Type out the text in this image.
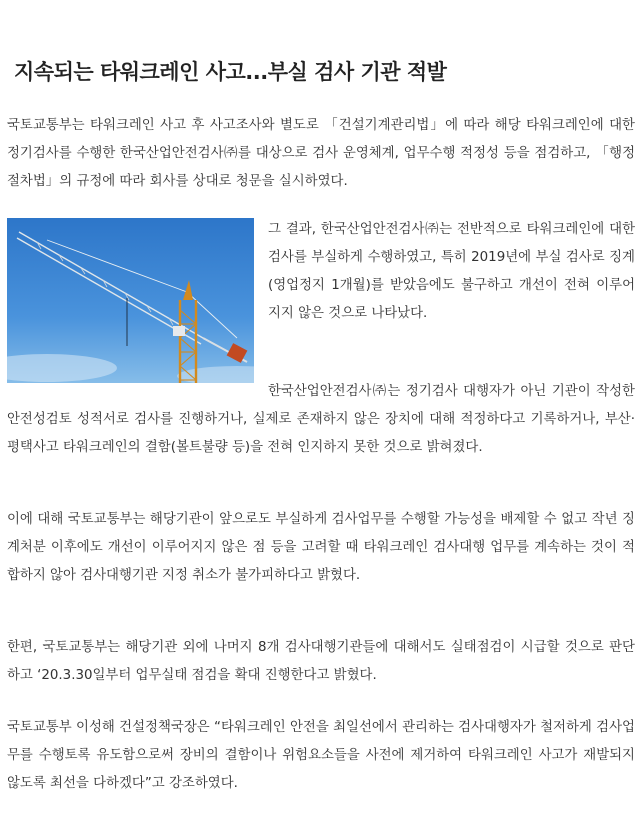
지속되는 타워크레인 사고...부실 검사 기관 적발

국토교통부는 타워크레인 사고 후 사고조사와 별도로 「건설기계관리법」에 따라 해당 타워크레인에 대한 정기검사를 수행한 한국산업안전검사㈜를 대상으로 검사 운영체계, 업무수행 적정성 등을 점검하고, 「행정절차법」의 규정에 따라 회사를 상대로 청문을 실시하였다.

그 결과, 한국산업안전검사㈜는 전반적으로 타워크레인에 대한 검사를 부실하게 수행하였고, 특히 2019년에 부실 검사로 징계(영업정지 1개월)를 받았음에도 불구하고 개선이 전혀 이루어지지 않은 것으로 나타났다.

한국산업안전검사㈜는 정기검사 대행자가 아닌 기관이 작성한 안전성검토 성적서로 검사를 진행하거나, 실제로 존재하지 않은 장치에 대해 적정하다고 기록하거나, 부산·평택사고 타워크레인의 결함(볼트불량 등)을 전혀 인지하지 못한 것으로 밝혀졌다.

이에 대해 국토교통부는 해당기관이 앞으로도 부실하게 검사업무를 수행할 가능성을 배제할 수 없고 작년 징계처분 이후에도 개선이 이루어지지 않은 점 등을 고려할 때 타워크레인 검사대행 업무를 계속하는 것이 적합하지 않아 검사대행기관 지정 취소가 불가피하다고 밝혔다.

한편, 국토교통부는 해당기관 외에 나머지 8개 검사대행기관들에 대해서도 실태점검이 시급할 것으로 판단하고 ‘20.3.30일부터 업무실태 점검을 확대 진행한다고 밝혔다.

국토교통부 이성해 건설정책국장은 “타워크레인 안전을 최일선에서 관리하는 검사대행자가 철저하게 검사업무를 수행토록 유도함으로써 장비의 결함이나 위험요소들을 사전에 제거하여 타워크레인 사고가 재발되지 않도록 최선을 다하겠다”고 강조하였다.
